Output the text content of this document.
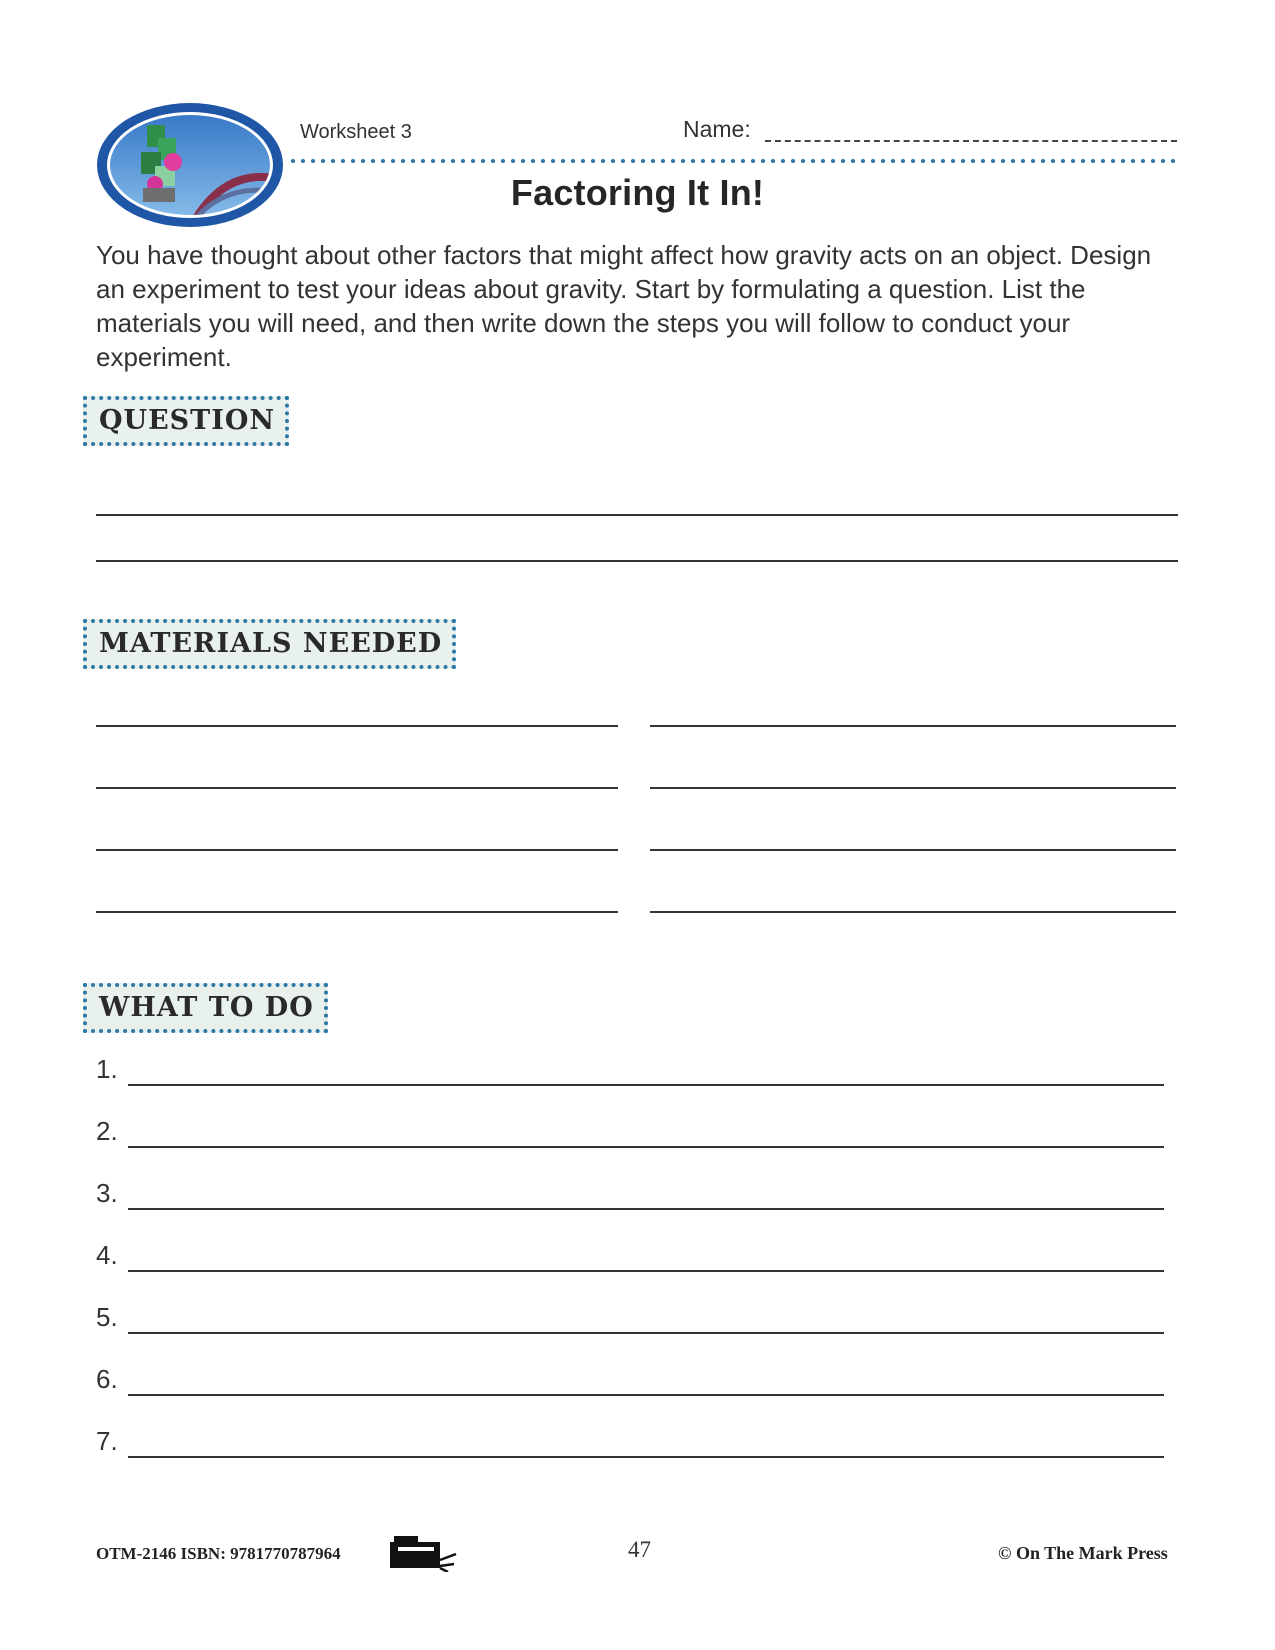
Worksheet 3	Name:
Factoring It In!

You have thought about other factors that might affect how gravity acts on an object. Design an experiment to test your ideas about gravity. Start by formulating a question. List the materials you will need, and then write down the steps you will follow to conduct your experiment.

QUESTION
MATERIALS NEEDED
WHAT TO DO
1.
2.
3.
4.
5.
6.
7.
OTM-2146 ISBN: 9781770787964	47	© On The Mark Press
